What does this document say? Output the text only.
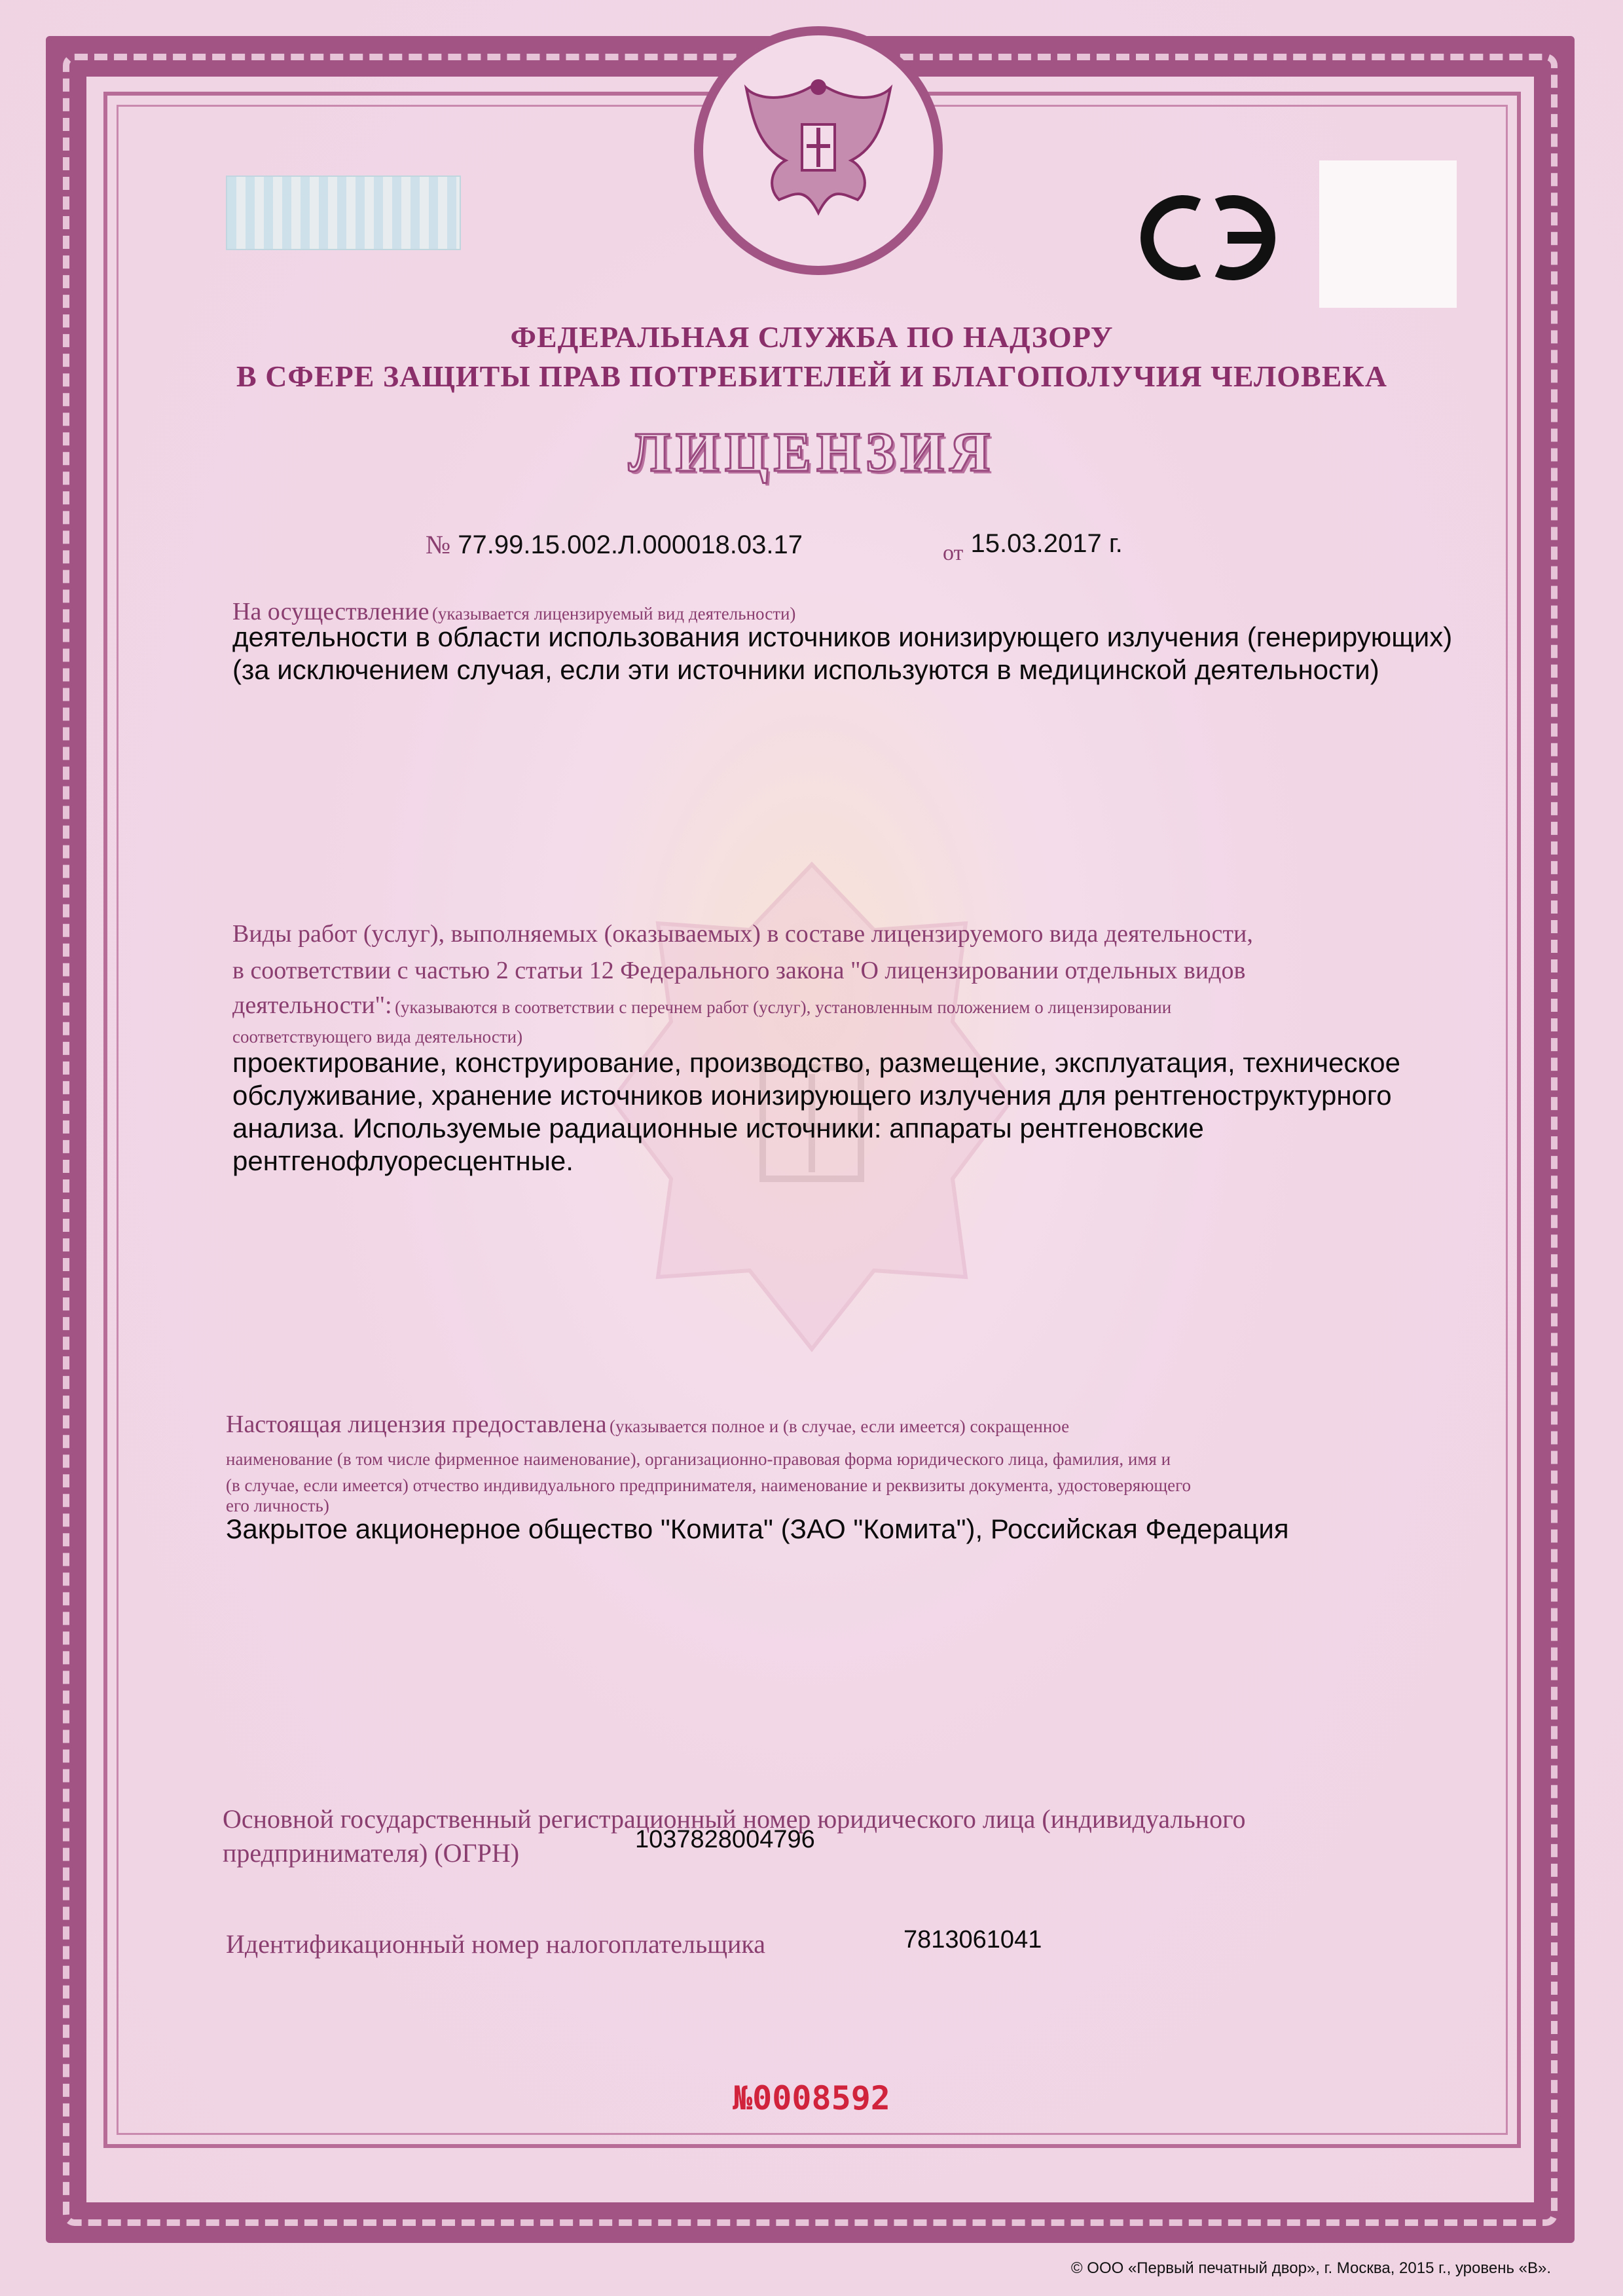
ФЕДЕРАЛЬНАЯ СЛУЖБА ПО НАДЗОРУ
В СФЕРЕ ЗАЩИТЫ ПРАВ ПОТРЕБИТЕЛЕЙ И БЛАГОПОЛУЧИЯ ЧЕЛОВЕКА
ЛИЦЕНЗИЯ
№ 77.99.15.002.Л.000018.03.17	$_{от}$ 15.03.2017 г.
На осуществление (указывается лицензируемый вид деятельности)
деятельности в области использования источников ионизирующего излучения (генерирующих)
(за исключением случая, если эти источники используются в медицинской деятельности)
Виды работ (услуг), выполняемых (оказываемых) в составе лицензируемого вида деятельности,
в соответствии с частью 2 статьи 12 Федерального закона "О лицензировании отдельных видов
деятельности": (указываются в соответствии с перечнем работ (услуг), установленным положением о лицензировании
соответствующего вида деятельности)
проектирование, конструирование, производство, размещение, эксплуатация, техническое
обслуживание, хранение источников ионизирующего излучения для рентгеноструктурного
анализа. Используемые радиационные источники: аппараты рентгеновские
рентгенофлуоресцентные.
Настоящая лицензия предоставлена (указывается полное и (в случае, если имеется) сокращенное
наименование (в том числе фирменное наименование), организационно-правовая форма юридического лица, фамилия, имя и
(в случае, если имеется) отчество индивидуального предпринимателя, наименование и реквизиты документа, удостоверяющего
его личность)
Закрытое акционерное общество "Комита" (ЗАО "Комита"), Российская Федерация
Основной государственный регистрационный номер юридического лица (индивидуального
предпринимателя) (ОГРН)	1037828004796
Идентификационный номер налогоплательщика	7813061041
№0008592
© ООО «Первый печатный двор», г. Москва, 2015 г., уровень «В».
